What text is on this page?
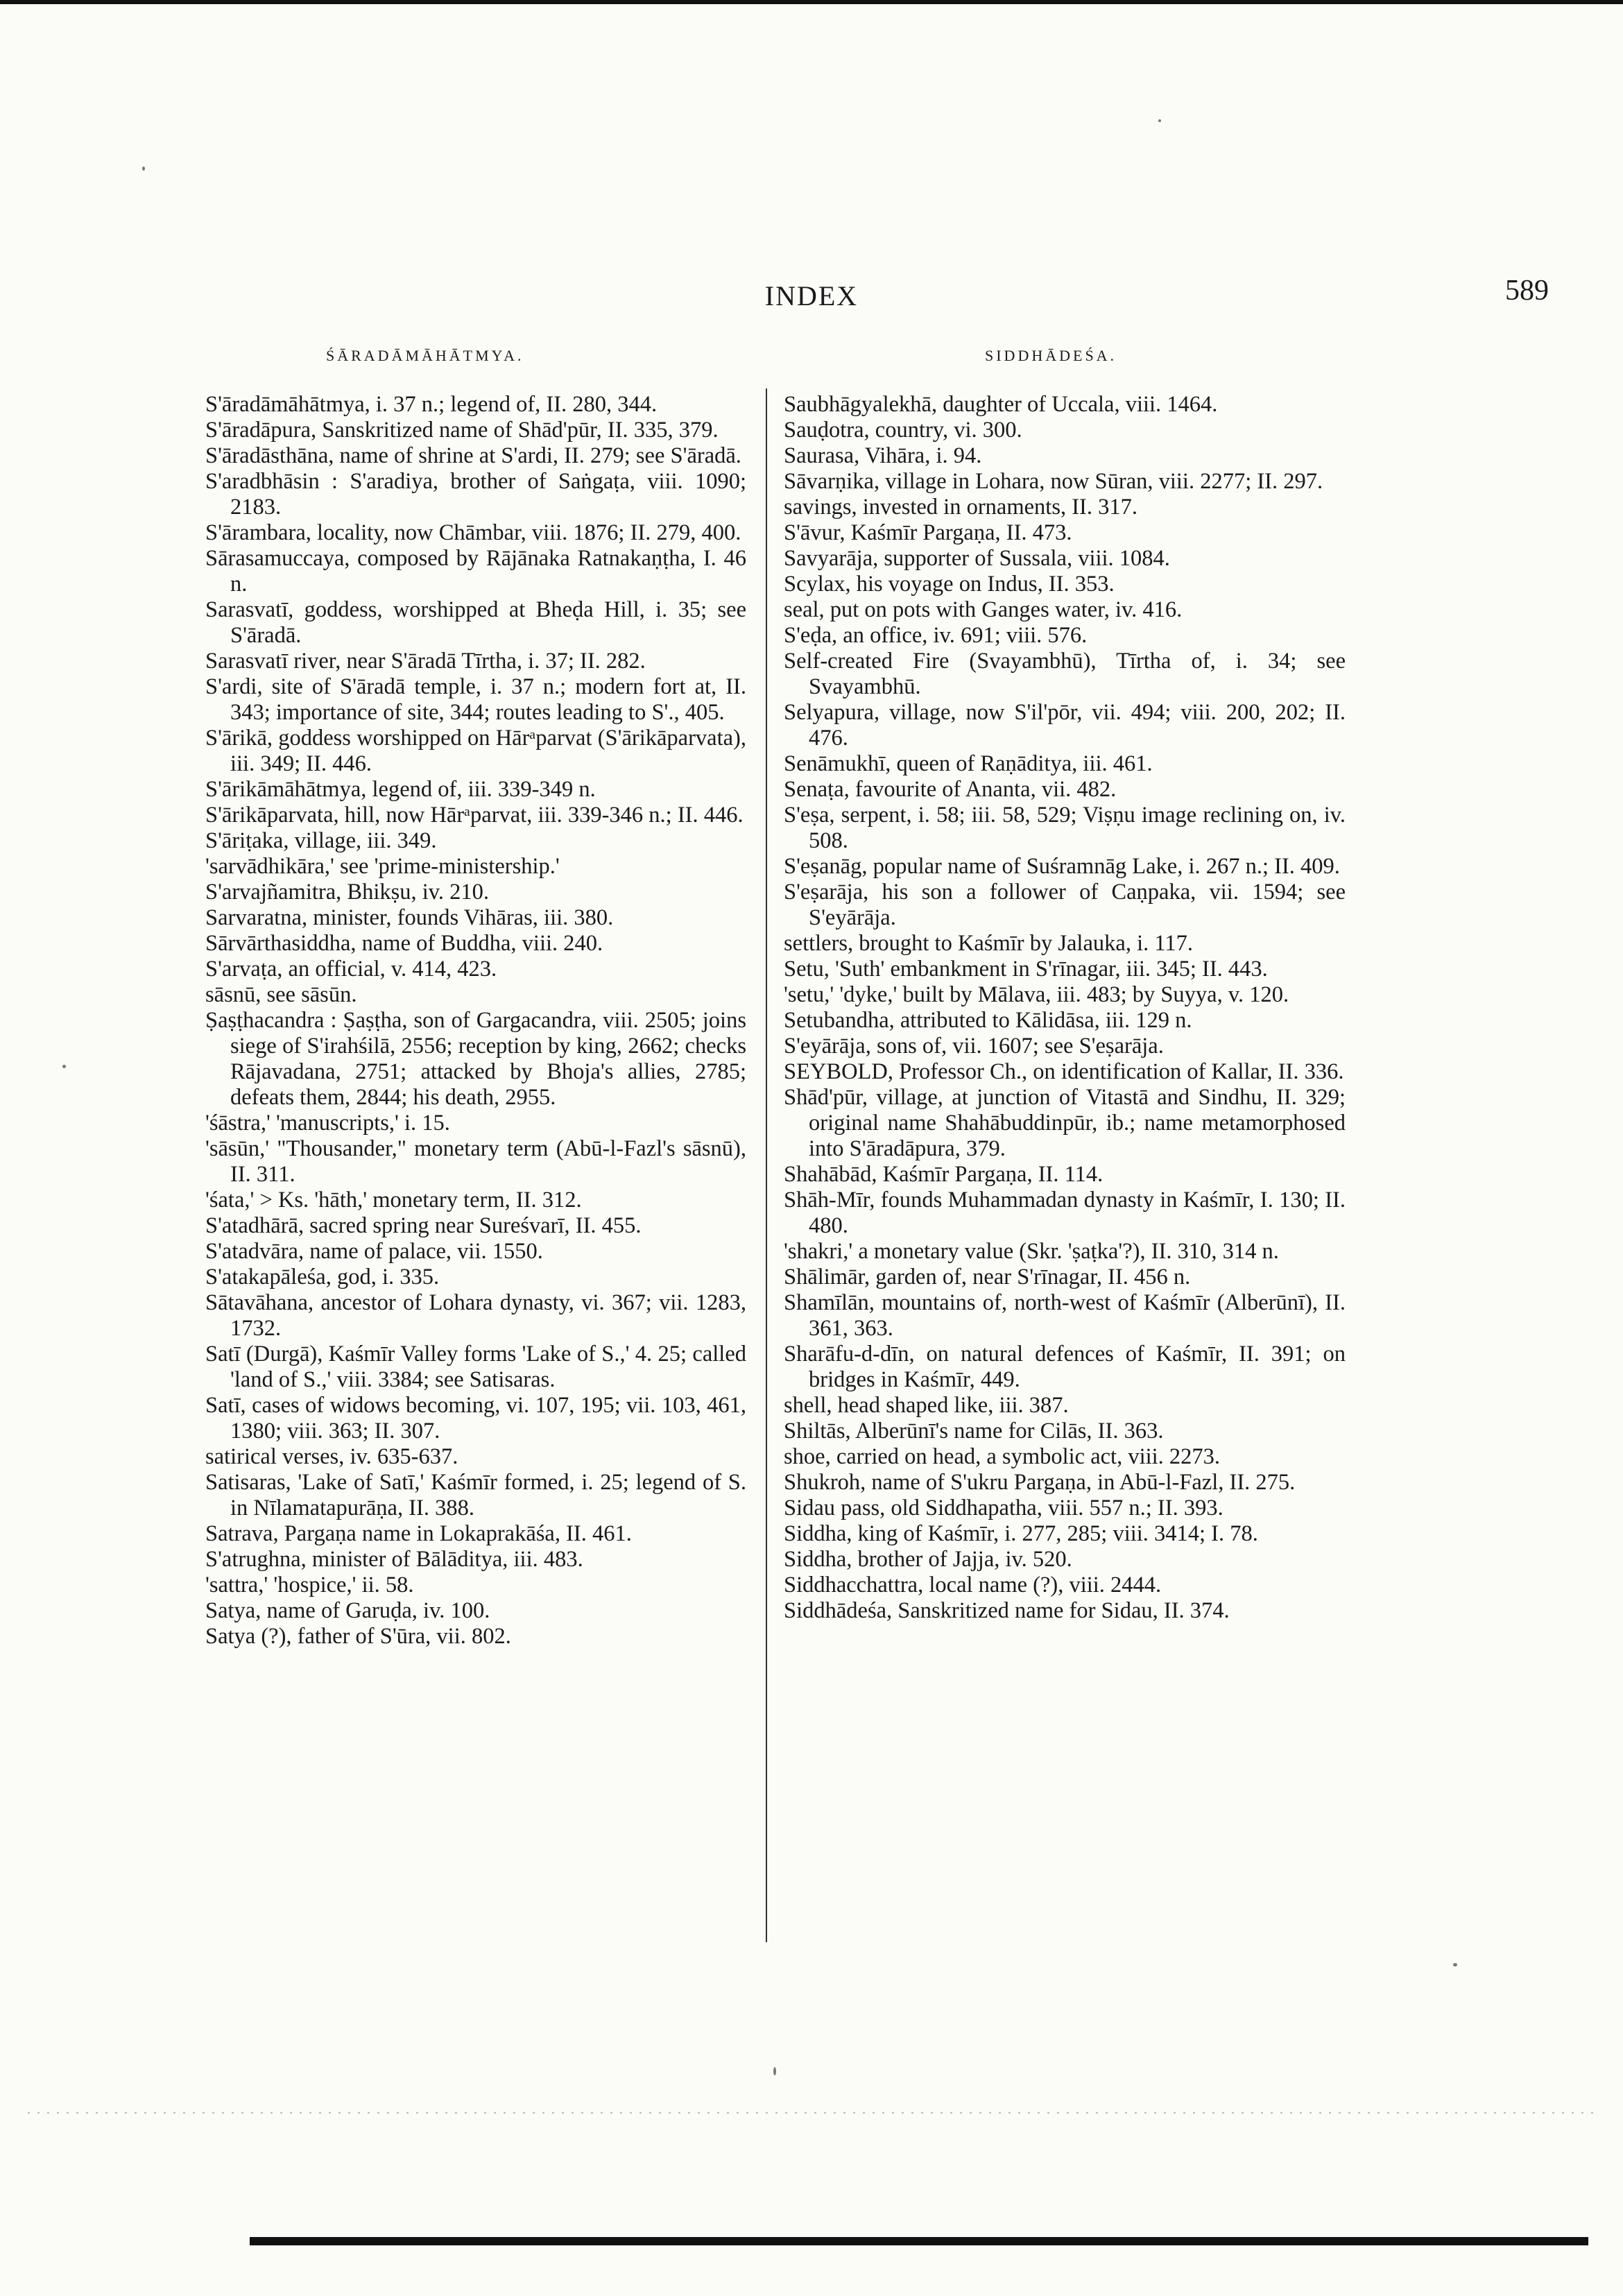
INDEX	589
ŚĀRADĀMĀHĀTMYA.	SIDDHĀDEŚA.
S'āradāmāhātmya, i. 37 n.; legend of, II. 280, 344.
S'āradāpura, Sanskritized name of Shād'pūr, II. 335, 379.
S'āradāsthāna, name of shrine at S'ardi, II. 279; see S'āradā.
S'aradbhāsin : S'aradiya, brother of Saṅgaṭa, viii. 1090; 2183.
S'ārambara, locality, now Chāmbar, viii. 1876; II. 279, 400.
Sārasamuccaya, composed by Rājānaka Ratnakaṇṭha, I. 46 n.
Sarasvatī, goddess, worshipped at Bheḍa Hill, i. 35; see S'āradā.
Sarasvatī river, near S'āradā Tīrtha, i. 37; II. 282.
S'ardi, site of S'āradā temple, i. 37 n.; modern fort at, II. 343; importance of site, 344; routes leading to S'., 405.
S'ārikā, goddess worshipped on Hārᵃparvat (S'ārikāparvata), iii. 349; II. 446.
S'ārikāmāhātmya, legend of, iii. 339-349 n.
S'ārikāparvata, hill, now Hārᵃparvat, iii. 339-346 n.; II. 446.
S'āriṭaka, village, iii. 349.
'sarvādhikāra,' see 'prime-ministership.'
S'arvajñamitra, Bhikṣu, iv. 210.
Sarvaratna, minister, founds Vihāras, iii. 380.
Sārvārthasiddha, name of Buddha, viii. 240.
S'arvaṭa, an official, v. 414, 423.
sāsnū, see sāsūn.
Ṣaṣṭhacandra : Ṣaṣṭha, son of Gargacandra, viii. 2505; joins siege of S'irahśilā, 2556; reception by king, 2662; checks Rājavadana, 2751; attacked by Bhoja's allies, 2785; defeats them, 2844; his death, 2955.
'śāstra,' 'manuscripts,' i. 15.
'sāsūn,' "Thousander," monetary term (Abū-l-Fazl's sāsnū), II. 311.
'śata,' > Ks. 'hāth,' monetary term, II. 312.
S'atadhārā, sacred spring near Sureśvarī, II. 455.
S'atadvāra, name of palace, vii. 1550.
S'atakapāleśa, god, i. 335.
Sātavāhana, ancestor of Lohara dynasty, vi. 367; vii. 1283, 1732.
Satī (Durgā), Kaśmīr Valley forms 'Lake of S.,' 4. 25; called 'land of S.,' viii. 3384; see Satisaras.
Satī, cases of widows becoming, vi. 107, 195; vii. 103, 461, 1380; viii. 363; II. 307.
satirical verses, iv. 635-637.
Satisaras, 'Lake of Satī,' Kaśmīr formed, i. 25; legend of S. in Nīlamatapurāṇa, II. 388.
Satrava, Pargaṇa name in Lokaprakāśa, II. 461.
S'atrughna, minister of Bālāditya, iii. 483.
'sattra,' 'hospice,' ii. 58.
Satya, name of Garuḍa, iv. 100.
Satya (?), father of S'ūra, vii. 802.
Saubhāgyalekhā, daughter of Uccala, viii. 1464.
Sauḍotra, country, vi. 300.
Saurasa, Vihāra, i. 94.
Sāvarṇika, village in Lohara, now Sūran, viii. 2277; II. 297.
savings, invested in ornaments, II. 317.
S'āvur, Kaśmīr Pargaṇa, II. 473.
Savyarāja, supporter of Sussala, viii. 1084.
Scylax, his voyage on Indus, II. 353.
seal, put on pots with Ganges water, iv. 416.
S'eḍa, an office, iv. 691; viii. 576.
Self-created Fire (Svayambhū), Tīrtha of, i. 34; see Svayambhū.
Selyapura, village, now S'il'pōr, vii. 494; viii. 200, 202; II. 476.
Senāmukhī, queen of Raṇāditya, iii. 461.
Senaṭa, favourite of Ananta, vii. 482.
S'eṣa, serpent, i. 58; iii. 58, 529; Viṣṇu image reclining on, iv. 508.
S'eṣanāg, popular name of Suśramnāg Lake, i. 267 n.; II. 409.
S'eṣarāja, his son a follower of Caṇpaka, vii. 1594; see S'eyārāja.
settlers, brought to Kaśmīr by Jalauka, i. 117.
Setu, 'Suth' embankment in S'rīnagar, iii. 345; II. 443.
'setu,' 'dyke,' built by Mālava, iii. 483; by Suyya, v. 120.
Setubandha, attributed to Kālidāsa, iii. 129 n.
S'eyārāja, sons of, vii. 1607; see S'eṣarāja.
SEYBOLD, Professor Ch., on identification of Kallar, II. 336.
Shād'pūr, village, at junction of Vitastā and Sindhu, II. 329; original name Shahābuddinpūr, ib.; name metamorphosed into S'āradāpura, 379.
Shahābād, Kaśmīr Pargaṇa, II. 114.
Shāh-Mīr, founds Muhammadan dynasty in Kaśmīr, I. 130; II. 480.
'shakri,' a monetary value (Skr. 'ṣaṭka'?), II. 310, 314 n.
Shālimār, garden of, near S'rīnagar, II. 456 n.
Shamīlān, mountains of, north-west of Kaśmīr (Alberūnī), II. 361, 363.
Sharāfu-d-dīn, on natural defences of Kaśmīr, II. 391; on bridges in Kaśmīr, 449.
shell, head shaped like, iii. 387.
Shiltās, Alberūnī's name for Cilās, II. 363.
shoe, carried on head, a symbolic act, viii. 2273.
Shukroh, name of S'ukru Pargaṇa, in Abū-l-Fazl, II. 275.
Sidau pass, old Siddhapatha, viii. 557 n.; II. 393.
Siddha, king of Kaśmīr, i. 277, 285; viii. 3414; I. 78.
Siddha, brother of Jajja, iv. 520.
Siddhacchattra, local name (?), viii. 2444.
Siddhādeśa, Sanskritized name for Sidau, II. 374.
